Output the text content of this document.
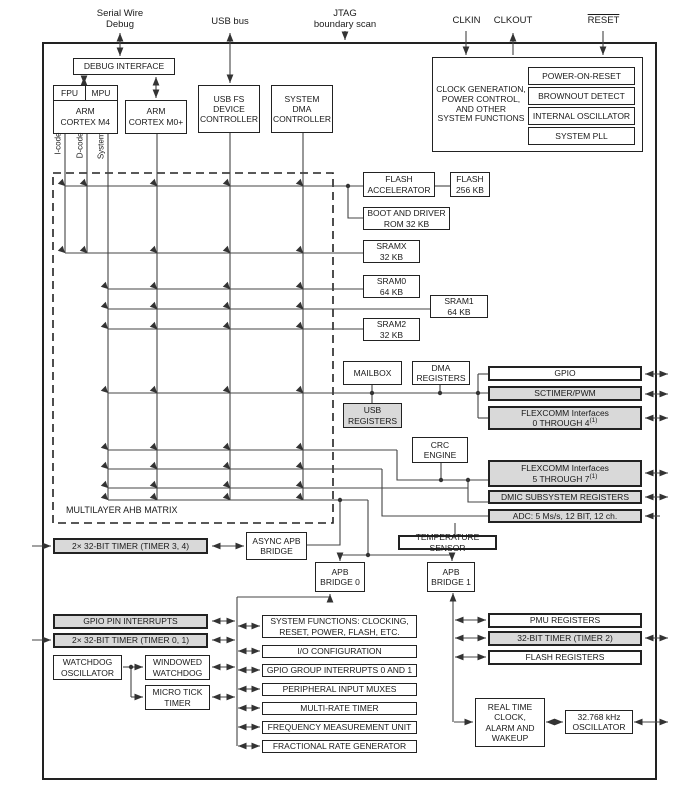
Serial Wire
Debug	USB bus
JTAG
boundary scan	CLKIN	CLKOUT	RESET
DEBUG INTERFACE
FPU	MPU
ARM
CORTEX M4
ARM
CORTEX M0+
USB FS
DEVICE
CONTROLLER
SYSTEM
DMA
CONTROLLER
I-code D-code System
CLOCK GENERATION,
POWER CONTROL,
AND OTHER
SYSTEM FUNCTIONS
POWER-ON-RESET
BROWNOUT DETECT
INTERNAL OSCILLATOR
SYSTEM PLL
FLASH
ACCELERATOR
FLASH
256 KB
BOOT AND DRIVER
ROM 32 KB
SRAMX
32 KB
SRAM0
64 KB
SRAM1
64 KB
SRAM2
32 KB
MULTILAYER AHB MATRIX
MAILBOX	DMA
REGISTERS
USB
REGISTERS
CRC
ENGINE
GPIO
SCTIMER/PWM
FLEXCOMM Interfaces
0 THROUGH 4$^{(1)}$
FLEXCOMM Interfaces
5 THROUGH 7$^{(1)}$
DMIC SUBSYSTEM REGISTERS
ADC: 5 Ms/s, 12 BIT, 12 ch.
TEMPERATURE SENSOR
ASYNC APB
BRIDGE
APB
BRIDGE 0
APB
BRIDGE 1
2× 32-BIT TIMER (TIMER 3, 4)
GPIO PIN INTERRUPTS
2× 32-BIT TIMER (TIMER 0, 1)
WATCHDOG
OSCILLATOR
WINDOWED
WATCHDOG
MICRO TICK
TIMER
SYSTEM FUNCTIONS: CLOCKING,
RESET, POWER, FLASH, ETC.
I/O CONFIGURATION
GPIO GROUP INTERRUPTS 0 AND 1
PERIPHERAL INPUT MUXES
MULTI-RATE TIMER
FREQUENCY MEASUREMENT UNIT
FRACTIONAL RATE GENERATOR
PMU REGISTERS
32-BIT TIMER (TIMER 2)
FLASH REGISTERS
REAL TIME
CLOCK,
ALARM AND
WAKEUP
32.768 kHz
OSCILLATOR
